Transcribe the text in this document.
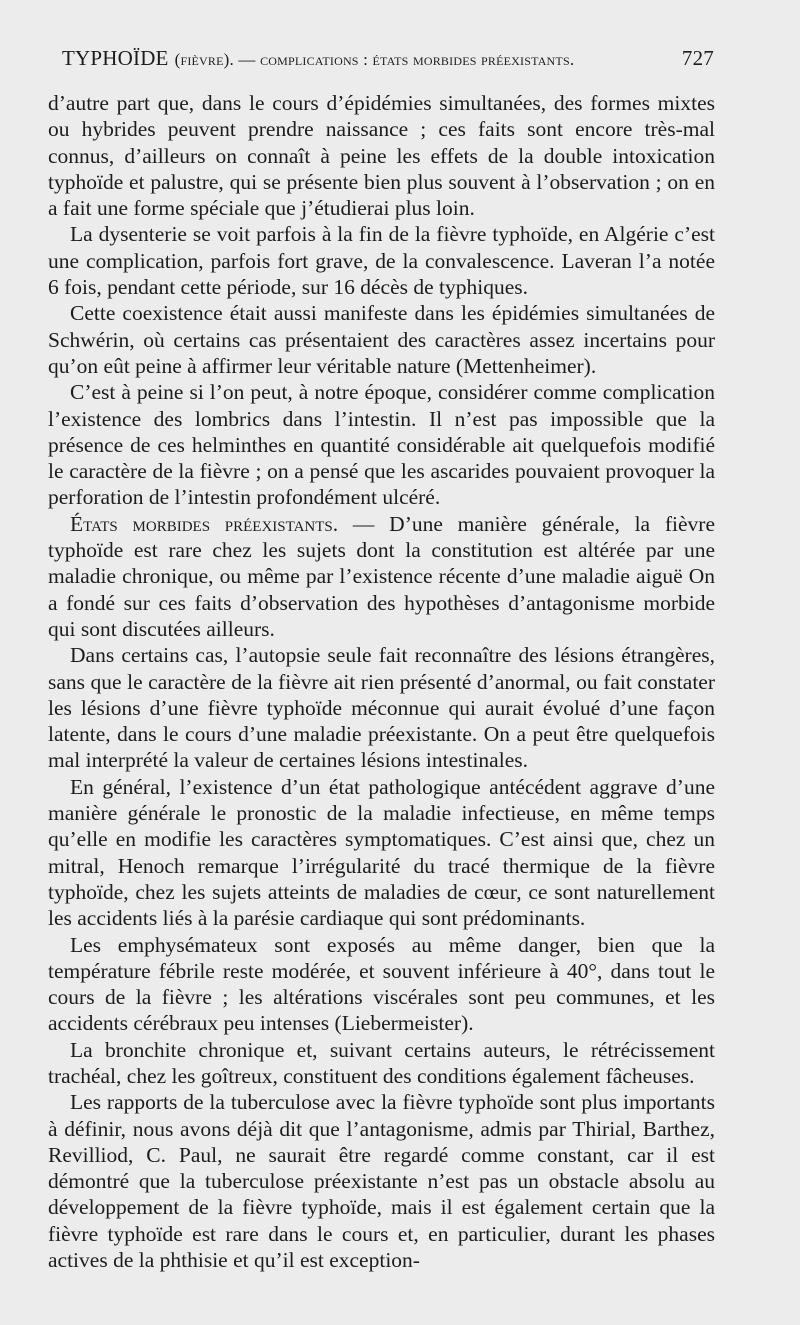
TYPHOÏDE (fièvre). — complications : états morbides préexistants.	727

d’autre part que, dans le cours d’épidémies simultanées, des formes mixtes ou hybrides peuvent prendre naissance ; ces faits sont encore très-mal connus, d’ailleurs on connaît à peine les effets de la double intoxication typhoïde et palustre, qui se présente bien plus souvent à l’observation ; on en a fait une forme spéciale que j’étudierai plus loin.

La dysenterie se voit parfois à la fin de la fièvre typhoïde, en Algérie c’est une complication, parfois fort grave, de la convalescence. Laveran l’a notée 6 fois, pendant cette période, sur 16 décès de typhiques.

Cette coexistence était aussi manifeste dans les épidémies simultanées de Schwérin, où certains cas présentaient des caractères assez incertains pour qu’on eût peine à affirmer leur véritable nature (Mettenheimer).

C’est à peine si l’on peut, à notre époque, considérer comme complication l’existence des lombrics dans l’intestin. Il n’est pas impossible que la présence de ces helminthes en quantité considérable ait quelquefois modifié le caractère de la fièvre ; on a pensé que les ascarides pouvaient provoquer la perforation de l’intestin profondément ulcéré.

États morbides préexistants. — D’une manière générale, la fièvre typhoïde est rare chez les sujets dont la constitution est altérée par une maladie chronique, ou même par l’existence récente d’une maladie aiguë On a fondé sur ces faits d’observation des hypothèses d’antagonisme morbide qui sont discutées ailleurs.

Dans certains cas, l’autopsie seule fait reconnaître des lésions étrangères, sans que le caractère de la fièvre ait rien présenté d’anormal, ou fait constater les lésions d’une fièvre typhoïde méconnue qui aurait évolué d’une façon latente, dans le cours d’une maladie préexistante. On a peut être quelquefois mal interprété la valeur de certaines lésions intestinales.

En général, l’existence d’un état pathologique antécédent aggrave d’une manière générale le pronostic de la maladie infectieuse, en même temps qu’elle en modifie les caractères symptomatiques. C’est ainsi que, chez un mitral, Henoch remarque l’irrégularité du tracé thermique de la fièvre typhoïde, chez les sujets atteints de maladies de cœur, ce sont naturellement les accidents liés à la parésie cardiaque qui sont prédominants.

Les emphysémateux sont exposés au même danger, bien que la température fébrile reste modérée, et souvent inférieure à 40°, dans tout le cours de la fièvre ; les altérations viscérales sont peu communes, et les accidents cérébraux peu intenses (Liebermeister).

La bronchite chronique et, suivant certains auteurs, le rétrécissement trachéal, chez les goîtreux, constituent des conditions également fâcheuses.

Les rapports de la tuberculose avec la fièvre typhoïde sont plus importants à définir, nous avons déjà dit que l’antagonisme, admis par Thirial, Barthez, Revilliod, C. Paul, ne saurait être regardé comme constant, car il est démontré que la tuberculose préexistante n’est pas un obstacle absolu au développement de la fièvre typhoïde, mais il est également certain que la fièvre typhoïde est rare dans le cours et, en particulier, durant les phases actives de la phthisie et qu’il est exception-
